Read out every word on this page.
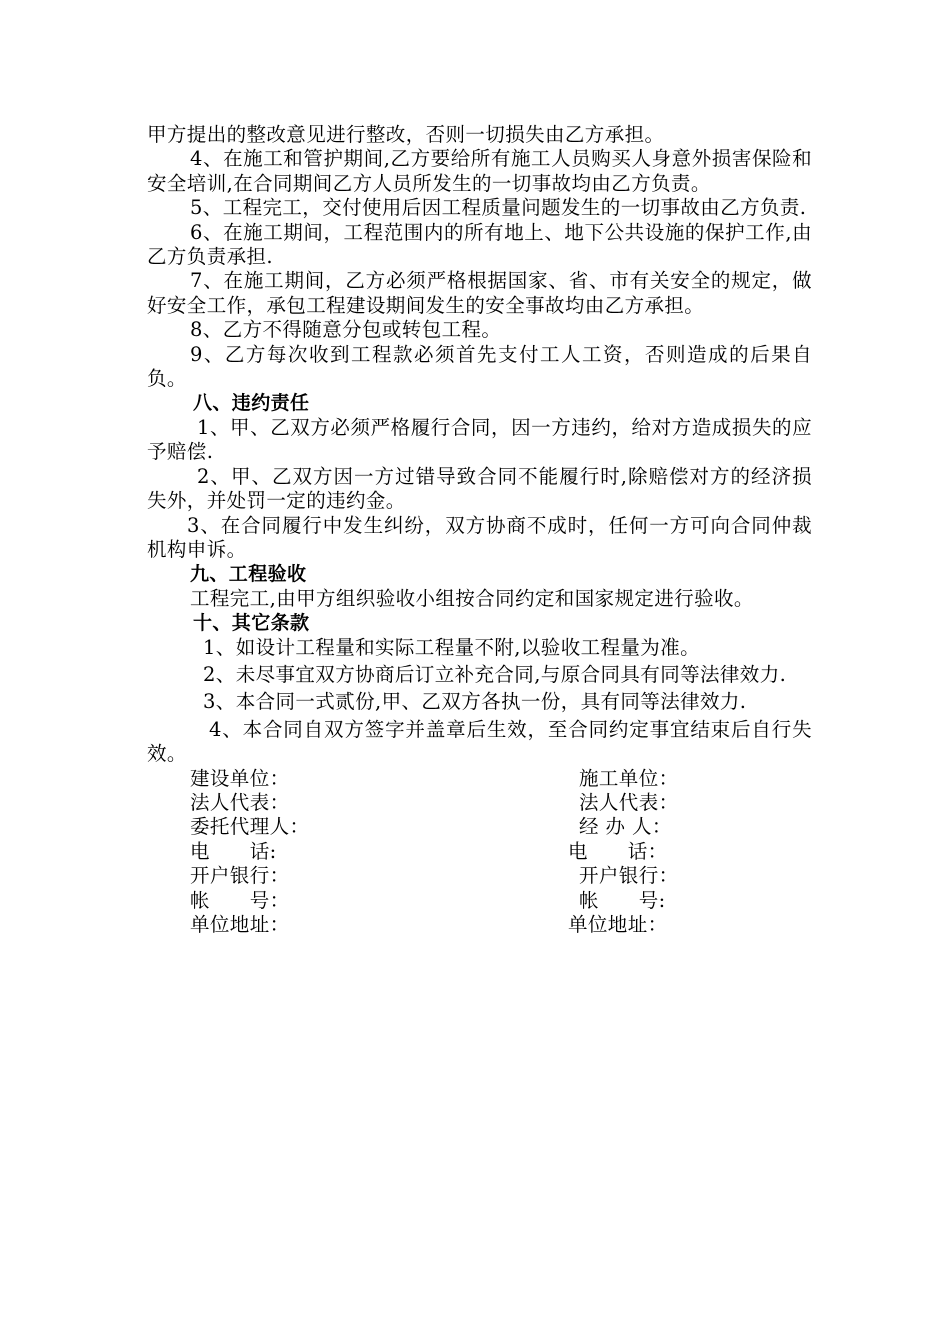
甲方提出的整改意见进行整改，否则一切损失由乙方承担。

4、在施工和管护期间,乙方要给所有施工人员购买人身意外损害保险和安全培训,在合同期间乙方人员所发生的一切事故均由乙方负责。

5、工程完工，交付使用后因工程质量问题发生的一切事故由乙方负责.

6、在施工期间，工程范围内的所有地上、地下公共设施的保护工作,由乙方负责承担.

7、在施工期间，乙方必须严格根据国家、省、市有关安全的规定，做好安全工作，承包工程建设期间发生的安全事故均由乙方承担。

8、乙方不得随意分包或转包工程。

9、乙方每次收到工程款必须首先支付工人工资，否则造成的后果自负。

八、违约责任

1、甲、乙双方必须严格履行合同，因一方违约，给对方造成损失的应予赔偿.

2、甲、乙双方因一方过错导致合同不能履行时,除赔偿对方的经济损失外，并处罚一定的违约金。

3、在合同履行中发生纠纷，双方协商不成时，任何一方可向合同仲裁机构申诉。

九、工程验收

工程完工,由甲方组织验收小组按合同约定和国家规定进行验收。

十、其它条款

1、如设计工程量和实际工程量不附,以验收工程量为准。

2、未尽事宜双方协商后订立补充合同,与原合同具有同等法律效力.

3、本合同一式贰份,甲、乙双方各执一份，具有同等法律效力.

4、本合同自双方签字并盖章后生效，至合同约定事宜结束后自行失效。

建设单位：	施工单位：
法人代表：	法人代表：
委托代理人：	经 办 人：
电　　话:	电　　话：
开户银行：	开户银行：
帐　　号：	帐　　号:
单位地址：	单位地址：
